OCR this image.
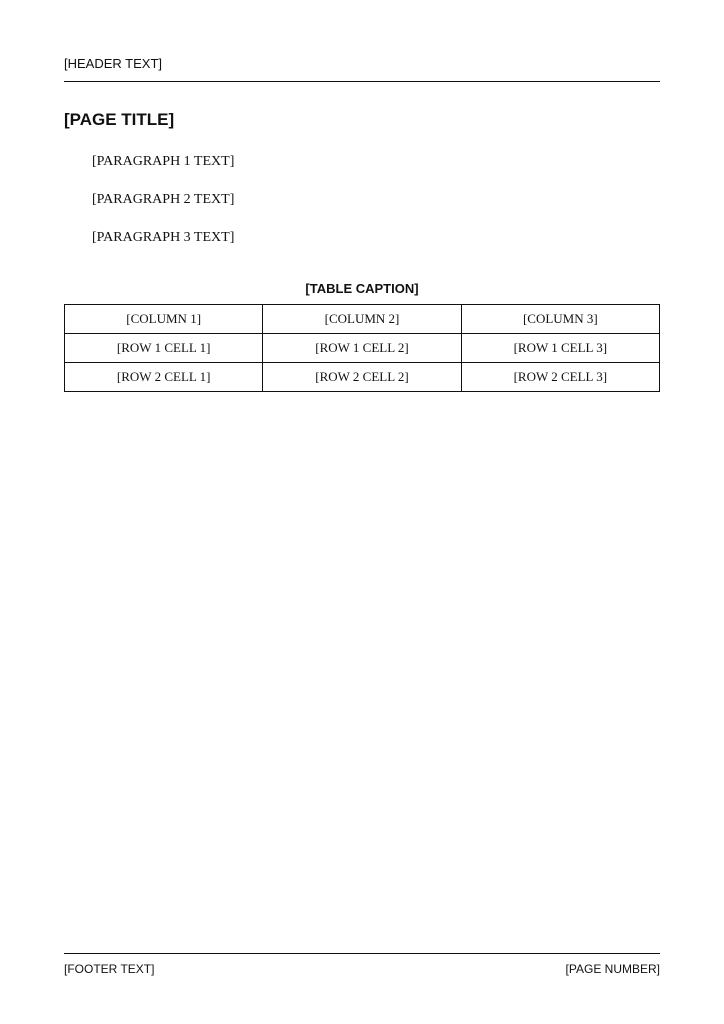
[HEADER TEXT]
[PAGE TITLE]

[PARAGRAPH 1 TEXT]

[PARAGRAPH 2 TEXT]

[PARAGRAPH 3 TEXT]

[TABLE CAPTION]
[COLUMN 1]	[COLUMN 2]	[COLUMN 3]
[ROW 1 CELL 1]	[ROW 1 CELL 2]	[ROW 1 CELL 3]
[ROW 2 CELL 1]	[ROW 2 CELL 2]	[ROW 2 CELL 3]
[FOOTER TEXT]	[PAGE NUMBER]
